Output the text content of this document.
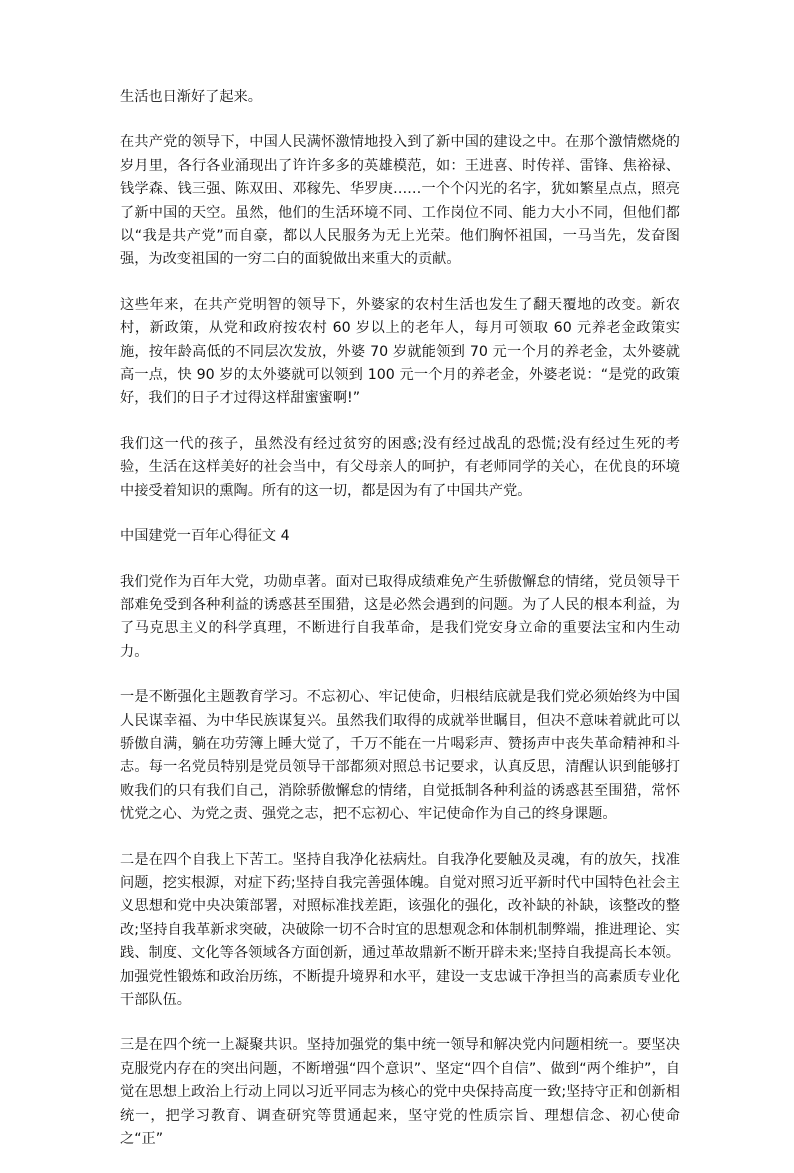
生活也日渐好了起来。

在共产党的领导下，中国人民满怀激情地投入到了新中国的建设之中。在那个激情燃烧的岁月里，各行各业涌现出了许许多多的英雄模范，如：王进喜、时传祥、雷锋、焦裕禄、钱学森、钱三强、陈双田、邓稼先、华罗庚……一个个闪光的名字，犹如繁星点点，照亮了新中国的天空。虽然，他们的生活环境不同、工作岗位不同、能力大小不同，但他们都以“我是共产党”而自豪，都以人民服务为无上光荣。他们胸怀祖国，一马当先，发奋图强，为改变祖国的一穷二白的面貌做出来重大的贡献。

这些年来，在共产党明智的领导下，外婆家的农村生活也发生了翻天覆地的改变。新农村，新政策，从党和政府按农村 60 岁以上的老年人，每月可领取 60 元养老金政策实施，按年龄高低的不同层次发放，外婆 70 岁就能领到 70 元一个月的养老金，太外婆就高一点，快 90 岁的太外婆就可以领到 100 元一个月的养老金，外婆老说：“是党的政策好，我们的日子才过得这样甜蜜蜜啊!”

我们这一代的孩子，虽然没有经过贫穷的困惑;没有经过战乱的恐慌;没有经过生死的考验，生活在这样美好的社会当中，有父母亲人的呵护，有老师同学的关心，在优良的环境中接受着知识的熏陶。所有的这一切，都是因为有了中国共产党。

中国建党一百年心得征文 4

我们党作为百年大党，功勋卓著。面对已取得成绩难免产生骄傲懈怠的情绪，党员领导干部难免受到各种利益的诱惑甚至围猎，这是必然会遇到的问题。为了人民的根本利益，为了马克思主义的科学真理，不断进行自我革命，是我们党安身立命的重要法宝和内生动力。

一是不断强化主题教育学习。不忘初心、牢记使命，归根结底就是我们党必须始终为中国人民谋幸福、为中华民族谋复兴。虽然我们取得的成就举世瞩目，但决不意味着就此可以骄傲自满，躺在功劳簿上睡大觉了，千万不能在一片喝彩声、赞扬声中丧失革命精神和斗志。每一名党员特别是党员领导干部都须对照总书记要求，认真反思，清醒认识到能够打败我们的只有我们自己，消除骄傲懈怠的情绪，自觉抵制各种利益的诱惑甚至围猎，常怀忧党之心、为党之责、强党之志，把不忘初心、牢记使命作为自己的终身课题。

二是在四个自我上下苦工。坚持自我净化祛病灶。自我净化要触及灵魂，有的放矢，找准问题，挖实根源，对症下药;坚持自我完善强体魄。自觉对照习近平新时代中国特色社会主义思想和党中央决策部署，对照标准找差距，该强化的强化，改补缺的补缺，该整改的整改;坚持自我革新求突破，决破除一切不合时宜的思想观念和体制机制弊端，推进理论、实践、制度、文化等各领域各方面创新，通过革故鼎新不断开辟未来;坚持自我提高长本领。加强党性锻炼和政治历练，不断提升境界和水平，建设一支忠诚干净担当的高素质专业化干部队伍。

三是在四个统一上凝聚共识。坚持加强党的集中统一领导和解决党内问题相统一。要坚决克服党内存在的突出问题，不断增强“四个意识”、坚定“四个自信”、做到“两个维护”，自觉在思想上政治上行动上同以习近平同志为核心的党中央保持高度一致;坚持守正和创新相统一，把学习教育、调查研究等贯通起来，坚守党的性质宗旨、理想信念、初心使命之“正”
